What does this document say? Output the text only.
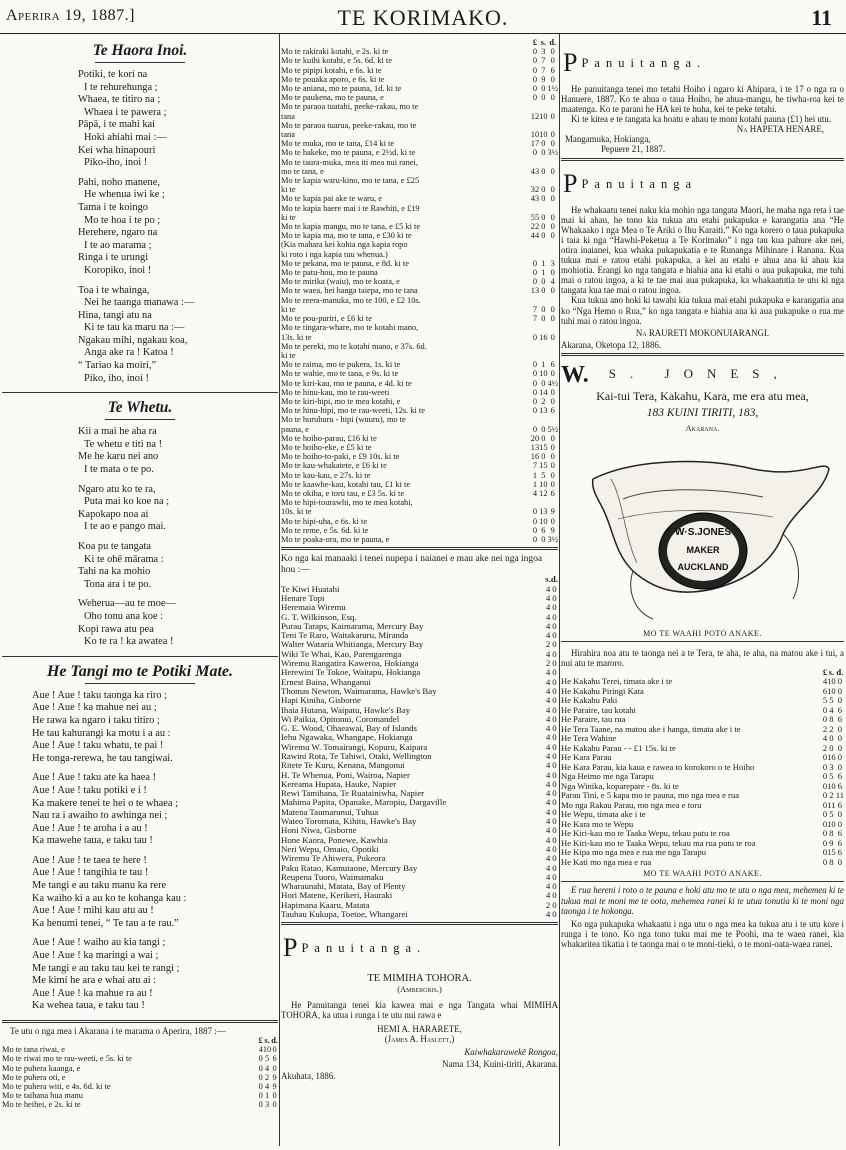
Aperira 19, 1887.]	TE KORIMAKO.	11
Te Haora Inoi.
Potiki, te kori na
I te rehurehunga ;
Whaea, te titiro na ;
Whaea i te pawera ;
Pāpā, i te mahi kai
Hoki ahiahi mai :—
Kei wha hinapouri
Piko-iho, inoi !
Pahi, noho manene,
He whenua iwi ke ;
Tama i te koingo
Mo te hoa i te po ;
Herehere, ngaro na
I te ao marama ;
Ringa i te urungi
Koropiko, inoi !
Toa i te whainga,
Nei he taanga manawa :—
Hina, tangi atu na
Ki te tau ka maru na :—
Ngakau mihi, ngakau koa,
Anga ake ra ! Katoa !
“ Tariao ka moiri,”
Piko, iho, inoi !
Te Whetu.
Kii a mai he aha ra
Te whetu e titi na !
Me he karu nei ano
I te mata o te po.
Ngaro atu ko te ra,
Puta mai ko koe na ;
Kapokapo noa ai
I te ao e pango mai.
Koa pu te tangata
Ki te ohē mārama :
Tahi na ka mohio
Tona ara i te po.
Weherua—au te moe—
Oho tonu ana koe :
Kopi rawa atu pea
Ko te ra ! ka awatea !
He Tangi mo te Potiki Mate.
Aue ! Aue ! taku taonga ka riro ;
Aue ! Aue ! ka mahue nei au ;
He rawa ka ngaro i taku titiro ;
He tau kahurangi ka motu i a au :
Aue ! Aue ! taku whatu, te pai !
He tonga-rerewa, he tau tangiwai.
Aue ! Aue ! taku ate ka haea !
Aue ! Aue ! taku potiki e i !
Ka makere tenei te hei o te whaea ;
Nau ra i awaiho to awhinga nei ;
Aue ! Aue ! te aroha i a au !
Ka mawehe taua, e taku tau !
Aue ! Aue ! te taea te here !
Aue ! Aue ! tangihia te tau !
Me tangi e au taku manu ka rere
Ka waiho ki a au ko te kohanga kau :
Aue ! Aue ! mihi kau atu au !
Ka henumi tenei, “ Te tau a te rau.”
Aue ! Aue ! waiho au kia tangi ;
Aue ! Aue ! ka maringi a wai ;
Me tangi e au taku tau kei te rangi ;
Me kimi he ara e whai atu ai :
Aue ! Aue ! ka mahue ra au !
Ka wehea taua, e taku tau !
Te utu o nga mea i Akarana i te marama o Aperira, 1887 :—
	£	s.	d.
Mo te tana riwai, e	4	10	0
Mo te riwai mo te rau-weeti, e 5s. ki te	0	5	6
Mo te puhera kaanga, e	0	4	0
Mo te puhera oti, e	0	2	9
Mo te puhera witi, e 4s. 6d. ki te	0	4	9
Mo te taihana hua manu	0	1	0
Mo te heihei, e 2s. ki te	0	3	0
	£	s.	d.
Mo te rakiraki kotahi, e 2s. ki te	0	3	0
Mo te kuihi kotahi, e 5s. 6d. ki te	0	7	0
Mo te pipipi kotahi, e 6s. ki te	0	7	6
Mo te pouaka aporo, e 6s. ki te	0	9	0
Mo te aniana, mo te pauna, 1d. ki te	0	0	1½
Mo te paukena, mo te pauna, e	0	0	0
Mo te paraoa tuatahi, peeke-rakau, mo te			
tana	12	10	0
Mo te paraoa tuarua, peeke-rakau, mo te			
tana	10	10	0
Mo te muka, mo te tana, £14 ki te	17	0	0
Mo te hakeke, mo te pauna, e 2½d. ki te	0	0	3½
Mo te taura-muka, mea iti mea nui ranei,			
mo te tana, e	43	0	0
Mo te kapia waru-kino, mo te tana, e £25			
ki te	32	0	0
Mo te kapia pai ake te waru, e	43	0	0
Mo te kapia haere mai i te Rawhiti, e £19			
ki te	55	0	0
Mo te kapia mangu, mo te tana, e £5 ki te	22	0	0
Mo te kapia ma, mo te tana, e £30 ki te	44	0	0
(Kia mahara kei kohia nga kapia ropo			
ki roto i nga kapia tuu whenua.)			
Mo te pekana, mo te pauna, e 8d. ki te	0	1	3
Mo te patu-hou, mo te pauna	0	1	0
Mo te mirika (waiu), mo te koata, e	0	0	4
Mo te waea, hei hanga taiepa, mo te tana	13	0	0
Mo te reera-manuka, mo te 100, e £2 10s.			
ki te	7	0	0
Mo te pou-puriri, e £6 ki te	7	0	0
Mo te tingara-whare, mo te kotahi mano,			
13s. ki te	0	16	0
Mo te pereki, mo te kotahi mano, e 37s. 6d.			
ki te			
Mo te raima, mo te pukera, 1s. ki te	0	1	6
Mo te wahie, mo te tana, e 9s. ki te	0	10	0
Mo te kiri-kau, mo te pauna, e 4d. ki te	0	0	4½
Mo te hinu-kau, mo te rau-weeti	0	14	0
Mo te kiri-hipi, mo te mea kotahi, e	0	2	0
Mo te hinu-hipi, mo te rau-weeti, 12s. ki te	0	13	6
Mo te huruhuru - hipi (wuuru), mo te			
pauna, e	0	0	5½
Mo te hoiho-parau, £16 ki te	20	0	0
Mo te hoiho-eke, e £5 ki te	13	15	0
Mo te hoiho-to-paki, e £9 10s. ki te	16	0	0
Mo te kau-whakatete, e £6 ki te	7	15	0
Mo te kau-kau, e 27s. ki te	1	5	0
Mo te kaawhe-kau, kotahi tau, £1 ki te	1	10	0
Mo te okiha, e toru tau, e £3 5s. ki te	4	12	6
Mo te hipi-tourawhi, mo te mea kotahi,			
10s. ki te	0	13	9
Mo te hipi-uha, e 6s. ki te	0	10	0
Mo te reme, e 5s. 6d. ki te	0	6	9
Mo te poaka-ora, mo te pauna, e	0	0	3½
Ko nga kai manaaki i tenei nupepa i naianei e mau ake nei nga ingoa hou :—
	s.	d.
Te Kiwi Huatahi	4	0
Henare Topi	4	0
Heremaia Wiremu	4	0
G. T. Wilkinson, Esq.	4	0
Purau Taraps, Kaimarama, Mercury Bay	4	0
Teni Te Raro, Waitakaruru, Miranda	4	0
Walter Wataria Whitianga, Mercury Bay	2	0
Wiki Te Whai, Kao, Parengarenga	4	0
Wiremu Rangatira Kaweroa, Hokianga	2	0
Herewini Te Tokoe, Waitapu, Hokianga	4	0
Ernest Baina, Whanganui	4	0
Thomas Newton, Waimarama, Hawke's Bay	4	0
Hapi Kiniha, Gisborne	4	0
Ihaia Hutana, Waipatu, Hawke's Bay	4	0
Wi Paikia, Opitonui, Coromandel	4	0
G. E. Wood, Ohaeawai, Bay of Islands	4	0
Iehu Ngawaka, Whangape, Hokianga	4	0
Wiremu W. Tomairangi, Kopuru, Kaipara	4	0
Rawini Rota, Te Tahiwi, Otaki, Wellington	4	0
Ritete Te Kuru, Kenana, Mangonui	4	0
H. Te Whenua, Poni, Wairoa, Napier	4	0
Kereama Hupata, Hauke, Napier	4	0
Rewi Tamihana, Te Ruatainiwha, Napier	4	0
Mahima Papita, Opanake, Maropiu, Dargaville	4	0
Matena Taumarunui, Tuhua	4	0
Wateo Toromata, Kihitu, Hawke's Bay	4	0
Honi Niwa, Gisborne	4	0
Hone Kaora, Ponewe, Kawhia	4	0
Neri Wepu, Omaio, Opotiki	4	0
Wiremu Te Ahiwera, Pukeora	4	0
Paku Ratao, Kamutaone, Mercury Bay	4	0
Reupena Tuoro, Waimamaku	4	0
Wharaunahi, Matata, Bay of Plenty	4	0
Hori Matene, Kerikeri, Hauraki	4	0
Hapimana Kaaru, Matata	2	0
Tauhau Kukupa, Toetoe, Whangarei	4	0
P Panuitanga.
TE MIMIHA TOHORA.
(Ambergris.)
He Panuitanga tenei kia kawea mai e nga Tangata whai MIMIHA TOHORA, ka utua i runga i te utu nui rawa e
HEMI A. HARARETE,
(James A. Haslett,)
Kaiwhakarawekē Rongoa,
Nama 134, Kuini-tiriti, Akarana.
Akuhata, 1886.
P Panuitanga.
He panuitanga tenei mo tetahi Hoiho i ngaro ki Ahipara, i te 17 o nga ra o Hanuere, 1887. Ko te ahua o taua Hoiho, he ahua-mangu, he tiwha-roa kei te maatenga. Ko te parani he HA kei te huha, kei te peke tetahi.
Ki te kitea e te tangata ka hoatu e ahau te moni kotahi pauna (£1) hei utu.
Na HAPETA HENARE,
Mangamuka, Hokianga,
Pepuere 21, 1887.
P Panuitanga
He whakaatu tenei naku kia mohio nga tangata Maori, he maha nga reta i tae mai ki ahau, he tono kia tukua atu etahi pukapuka e karangatia ana “He Whakaako i nga Mea o Te Ariki o Ihu Karaiti.” Ko nga korero o taua pukapuka i taia ki nga “Hawhi-Peketua a Te Korimako” i nga tau kua pahure ake nei, otira inaianei, kua whaka pukapukatia e te Runanga Mihinare i Ranana. Kua tukua mai e ratou etahi pukapuka, a kei au etahi e ahua ana ki ahau kia mohiotia. Erangi ko nga tangata e hiahia ana ki etahi o aua pukapuka, me tuhi mai o ratou ingoa, a ki te tae mai aua pukapuka, ka whakaatutia te utu ki nga tangata kua tae mai o ratou ingoa.
Kua tukua ano hoki ki tawahi kia tukua mai etahi pukapuka e karangatia ana ko “Nga Hemo o Rua,” ko nga tangata e hiahia ana ki aua pukapuke o rua me tuhi mai o ratou ingoa.
Na RAURETI MOKONUIARANGI.
Akarana, Oketopa 12, 1886.
W. S. JONES,
Kai-tui Tera, Kakahu, Kara, me era atu mea,
183 KUINI TIRITI, 183,
Akarana.
W·S.JONES
MAKER
AUCKLAND
MO TE WAAHI POTO ANAKE.
Hirahira noa atu te taonga nei a te Tera, te aha, te aha, na matou ake i tui, a nui atu te maroro.
	£	s.	d.
He Kakahu Terei, timata ake i te	4	10	0
He Kakahu Piringi Kata	6	10	0
He Kakahu Paki	5	5	0
He Paraire, tau kotahi	0	4	6
He Paraire, tau rua	0	8	6
He Tera Taane, na matou ake i hanga, timata ake i te	2	2	0
He Tera Wahine	4	0	0
He Kakahu Parau - - £1 15s. ki te	2	0	0
He Kara Parau	0	16	0
He Kara Parau, kia kaua e rawea to korokoro o te Hoiho	0	3	0
Nga Heimo me nga Tarapu	0	5	6
Nga Winika, koparepare - 8s. ki te	0	10	6
Parau Tini, e 5 kapa mo te pauna, mo nga mea e rua	0	2	11
Mo nga Rakau Parau, mo nga mea e toru	0	11	6
He Wepu, timata ake i te	0	5	0
He Kara mo te Wepu	0	10	0
He Kiri-kau mo te Taaka Wepu, tekau putu te roa	0	8	6
He Kiri-kau mo te Taaka Wepu, tekau ma rua putu te roa	0	9	6
He Kipa mo nga mea e rua me nga Tarapu	0	15	6
He Kati mo nga mea e rua	0	8	0
MO TE WAAHI POTO ANAKE.
E rua hereni i roto o te pauna e hoki atu mo te utu o nga mea, mehemea ki te tukua mai te moni me te oota, mehemea ranei ki te utua tonutia ki te moni nga taonga i te hokonga.
Ko nga pukapuka whakaatu i nga utu o nga mea ka tukua atu i te utu kore i runga i te tono. Ko nga tono tuku mai me te Poohi, ma te waea ranei, kia whakaritea tikatia i te taonga mai o te moni-tieki, o te moni-oata-waea ranei.
